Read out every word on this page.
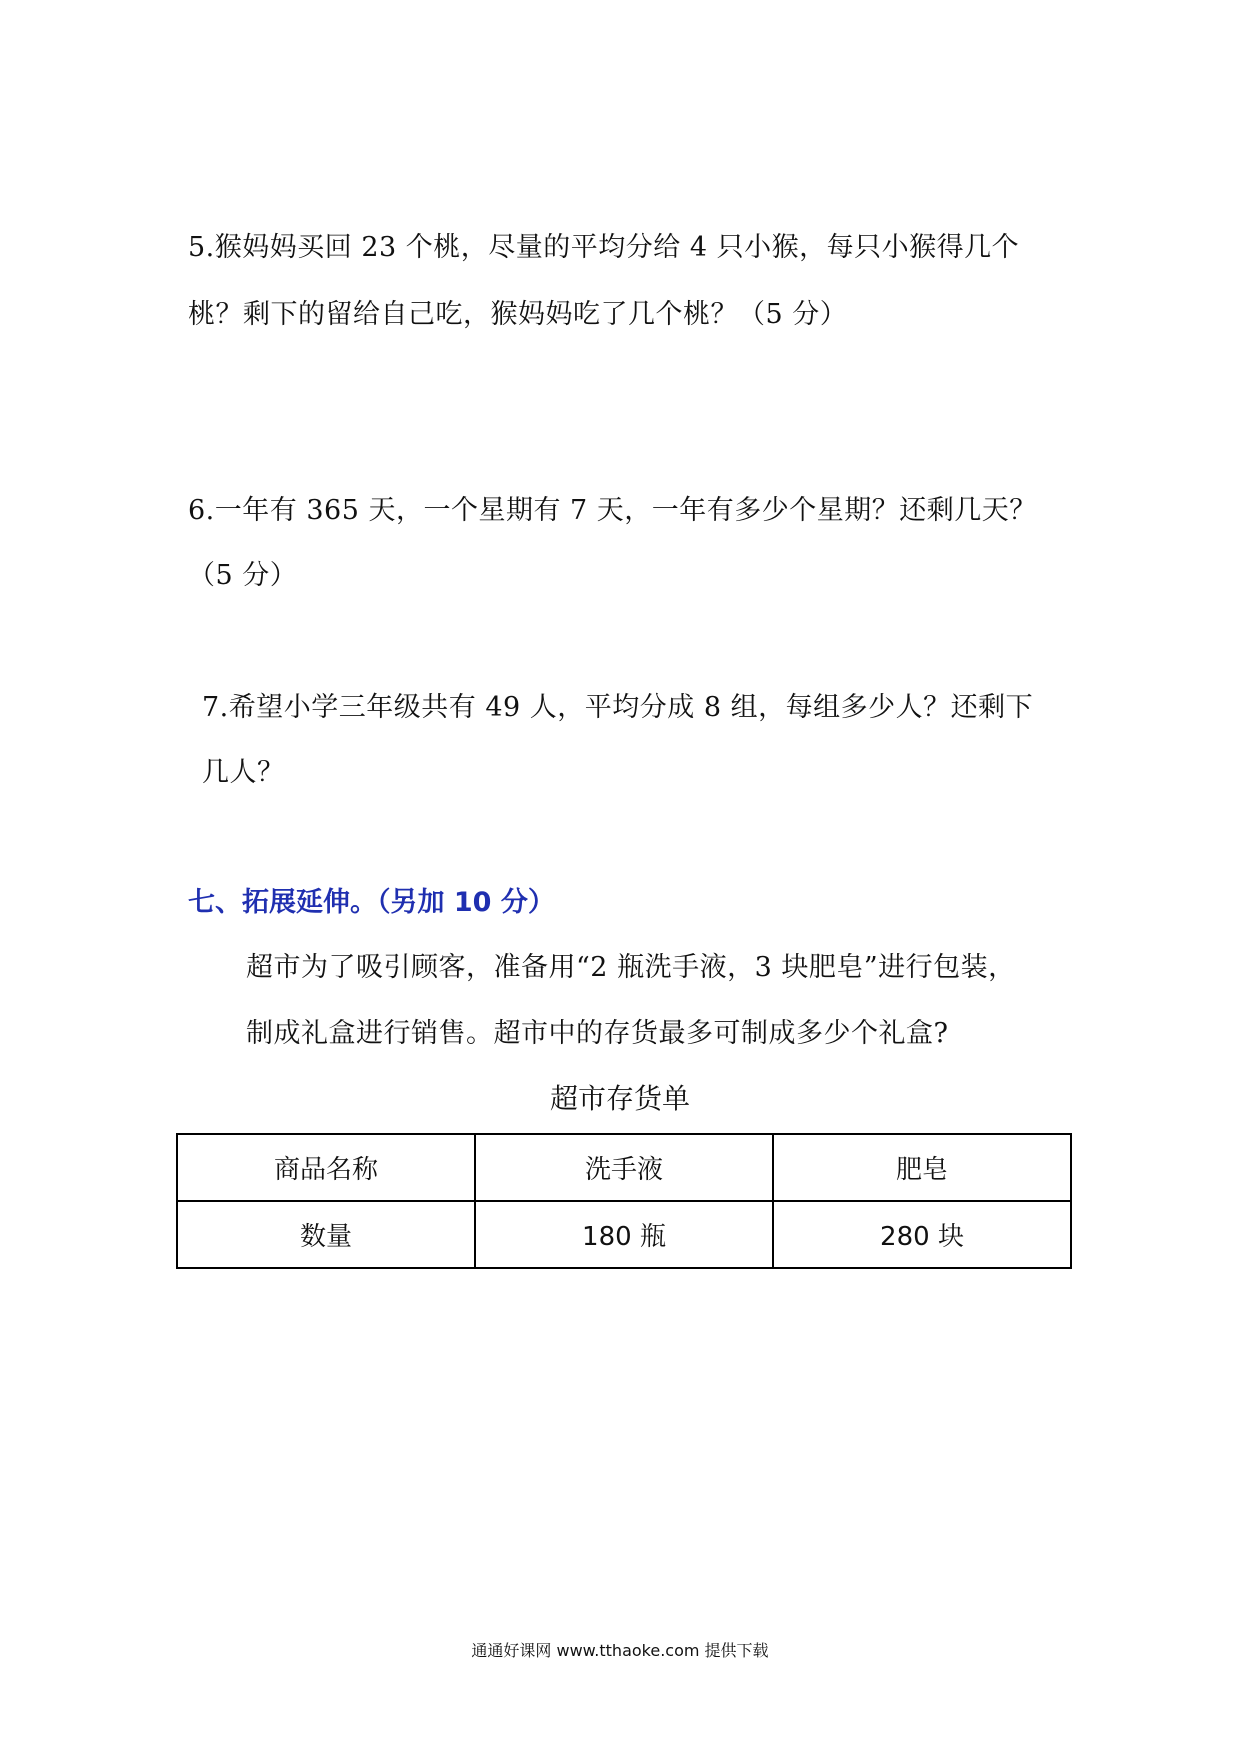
5.猴妈妈买回 23 个桃，尽量的平均分给 4 只小猴，每只小猴得几个

桃？剩下的留给自己吃，猴妈妈吃了几个桃？（5 分）

6.一年有 365 天，一个星期有 7 天，一年有多少个星期？还剩几天？

（5 分）

7.希望小学三年级共有 49 人，平均分成 8 组，每组多少人？还剩下

几人？

七、拓展延伸。（另加 10 分）

超市为了吸引顾客，准备用“2 瓶洗手液，3 块肥皂”进行包装，

制成礼盒进行销售。超市中的存货最多可制成多少个礼盒?

超市存货单

商品名称	洗手液	肥皂
数量	180 瓶	280 块

通通好课网 www.tthaoke.com 提供下载
